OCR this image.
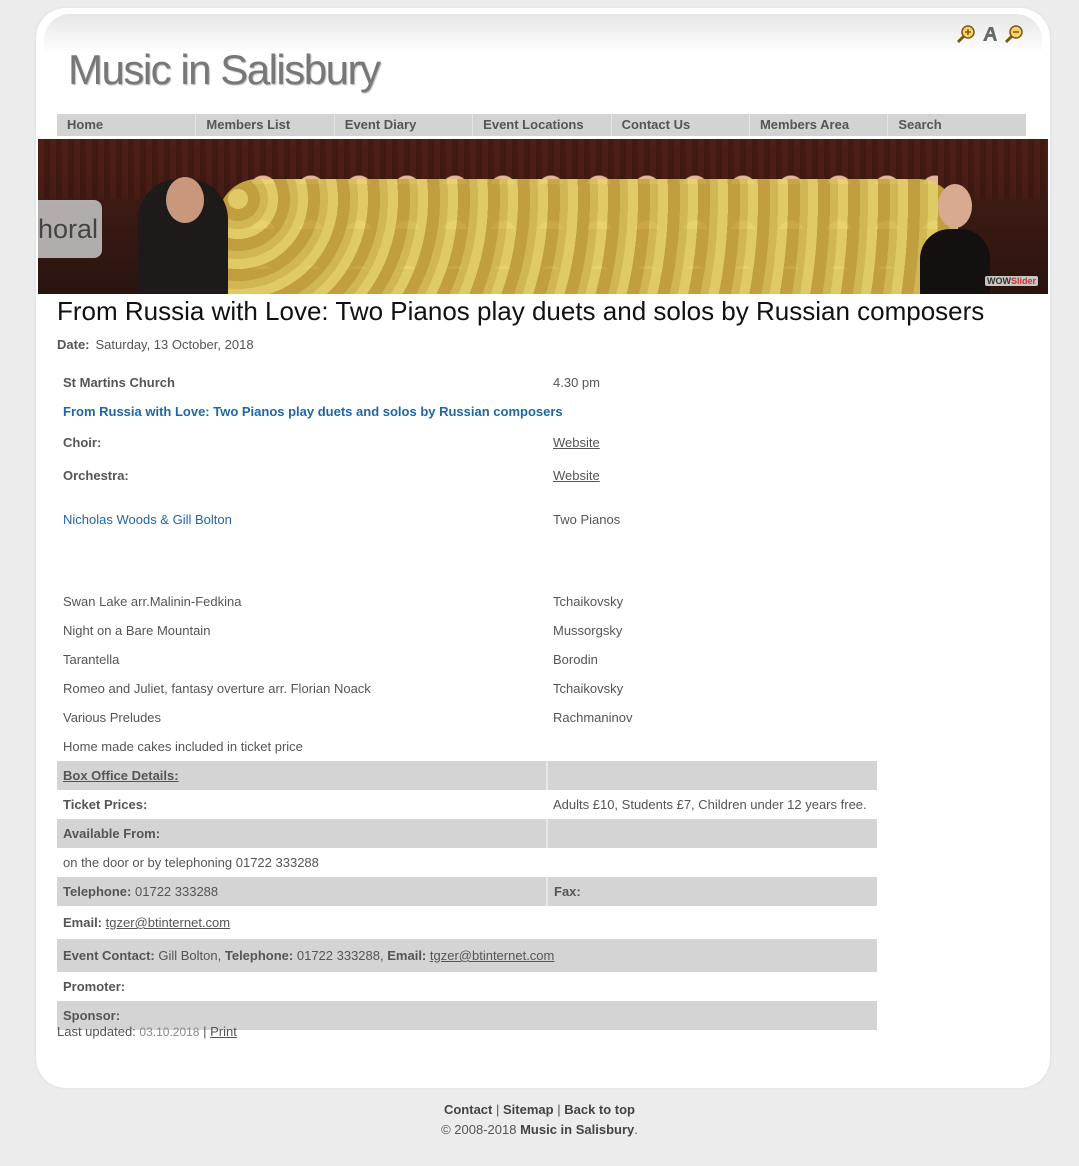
Music in Salisbury
Home	Members List	Event Diary	Event Locations	Contact Us	Members Area	Search
horal
WOWSlider
From Russia with Love: Two Pianos play duets and solos by Russian composers
Date: Saturday, 13 October, 2018
St Martins Church	4.30 pm
From Russia with Love: Two Pianos play duets and solos by Russian composers	
Choir:	Website
Orchestra:	Website
Nicholas Woods & Gill Bolton	Two Pianos

Swan Lake arr.Malinin-Fedkina	Tchaikovsky
Night on a Bare Mountain	Mussorgsky
Tarantella	Borodin
Romeo and Juliet, fantasy overture arr. Florian Noack	Tchaikovsky
Various Preludes	Rachmaninov
Home made cakes included in ticket price	
Box Office Details:	
Ticket Prices:	Adults £10, Students £7, Children under 12 years free.
Available From:	
on the door or by telephoning 01722 333288	
Telephone: 01722 333288	Fax:
Email: tgzer@btinternet.com	
Event Contact: Gill Bolton, Telephone: 01722 333288, Email: tgzer@btinternet.com	
Promoter:	
Sponsor:	
Last updated: 03.10.2018 | Print
Contact | Sitemap | Back to top
© 2008-2018 Music in Salisbury.
